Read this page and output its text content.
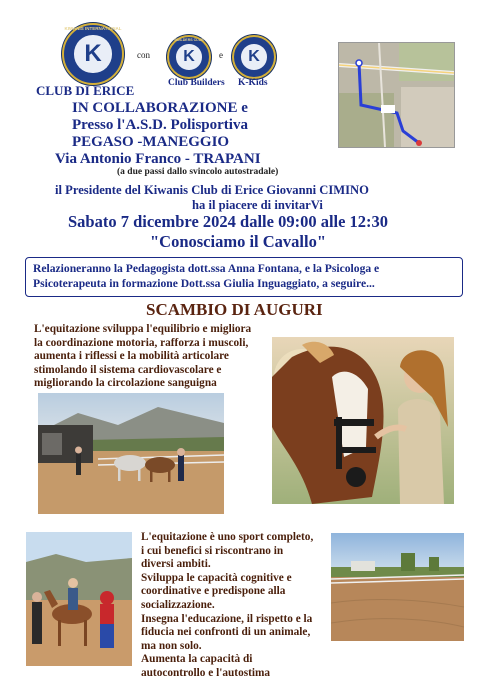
KIWANIS INTERNATIONAL
K	con
BUILDERS CLUB
K	e	K
CLUB DI ERICE	Club Builders K-Kids
IN COLLABORAZIONE e
Presso l'A.S.D. Polisportiva
PEGASO -MANEGGIO
Via Antonio Franco - TRAPANI
(a due passi dallo svincolo autostradale)
il Presidente del Kiwanis Club di Erice Giovanni CIMINO
ha il piacere di invitarVi
Sabato 7 dicembre 2024 dalle 09:00 alle 12:30
"Conosciamo il Cavallo"
Relazioneranno la Pedagogista dott.ssa Anna Fontana, e la Psicologa e
Psicoterapeuta in formazione Dott.ssa Giulia Inguaggiato, a seguire...
SCAMBIO DI AUGURI
L'equitazione sviluppa l'equilibrio e migliora
la coordinazione motoria, rafforza i muscoli,
aumenta i riflessi e la mobilità articolare
stimolando il sistema cardiovascolare e
migliorando la circolazione sanguigna
L'equitazione è uno sport completo,
i cui benefici si riscontrano in
diversi ambiti.
Sviluppa le capacità cognitive e
coordinative e predispone alla
socializzazione.
Insegna l'educazione, il rispetto e la
fiducia nei confronti di un animale,
ma non solo.
Aumenta la capacità di
autocontrollo e l'autostima
